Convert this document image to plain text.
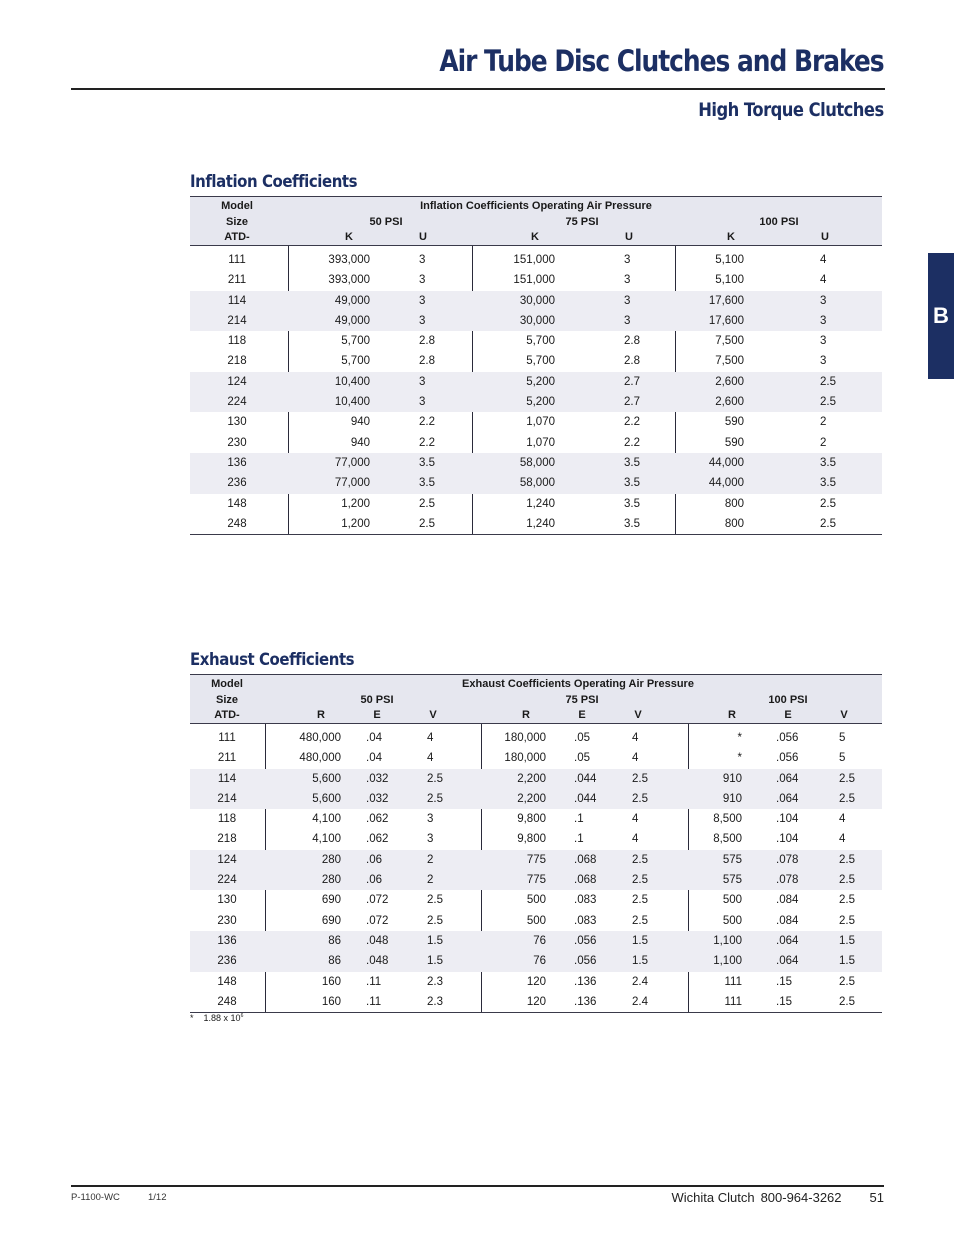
Air Tube Disc Clutches and Brakes
High Torque Clutches
B
Inflation Coefficients
Model
Size
ATD-
Inflation Coefficients Operating Air Pressure
50 PSI	75 PSI	100 PSI
K	U	K	U	K	U
111	393,000	3	151,000	3	5,100	4
211	393,000	3	151,000	3	5,100	4
114	49,000	3	30,000	3	17,600	3
214	49,000	3	30,000	3	17,600	3
118	5,700	2.8	5,700	2.8	7,500	3
218	5,700	2.8	5,700	2.8	7,500	3
124	10,400	3	5,200	2.7	2,600	2.5
224	10,400	3	5,200	2.7	2,600	2.5
130	940	2.2	1,070	2.2	590	2
230	940	2.2	1,070	2.2	590	2
136	77,000	3.5	58,000	3.5	44,000	3.5
236	77,000	3.5	58,000	3.5	44,000	3.5
148	1,200	2.5	1,240	3.5	800	2.5
248	1,200	2.5	1,240	3.5	800	2.5
Exhaust Coefficients
Model
Size
ATD-
Exhaust Coefficients Operating Air Pressure
50 PSI	75 PSI	100 PSI
R	E	V	R	E	V	R	E	V
111	480,000 .04	4	180,000 .05	4	*	.056	5
211	480,000 .04	4	180,000 .05	4	*	.056	5
114	5,600 .032	2.5	2,200 .044	2.5	910	.064	2.5
214	5,600 .032	2.5	2,200 .044	2.5	910	.064	2.5
118	4,100 .062	3	9,800 .1	4	8,500	.104	4
218	4,100 .062	3	9,800 .1	4	8,500	.104	4
124	280 .06	2	775 .068	2.5	575	.078	2.5
224	280 .06	2	775 .068	2.5	575	.078	2.5
130	690 .072	2.5	500 .083	2.5	500	.084	2.5
230	690 .072	2.5	500 .083	2.5	500	.084	2.5
136	86 .048	1.5	76 .056	1.5	1,100	.064	1.5
236	86 .048	1.5	76 .056	1.5	1,100	.064	1.5
148	160 .11	2.3	120 .136	2.4	111	.15	2.5
248	160 .11	2.3	120 .136	2.4	111	.15	2.5
* 1.88 x $10^6$
P-1100-WC	1/12	Wichita Clutch 800-964-3262 51
